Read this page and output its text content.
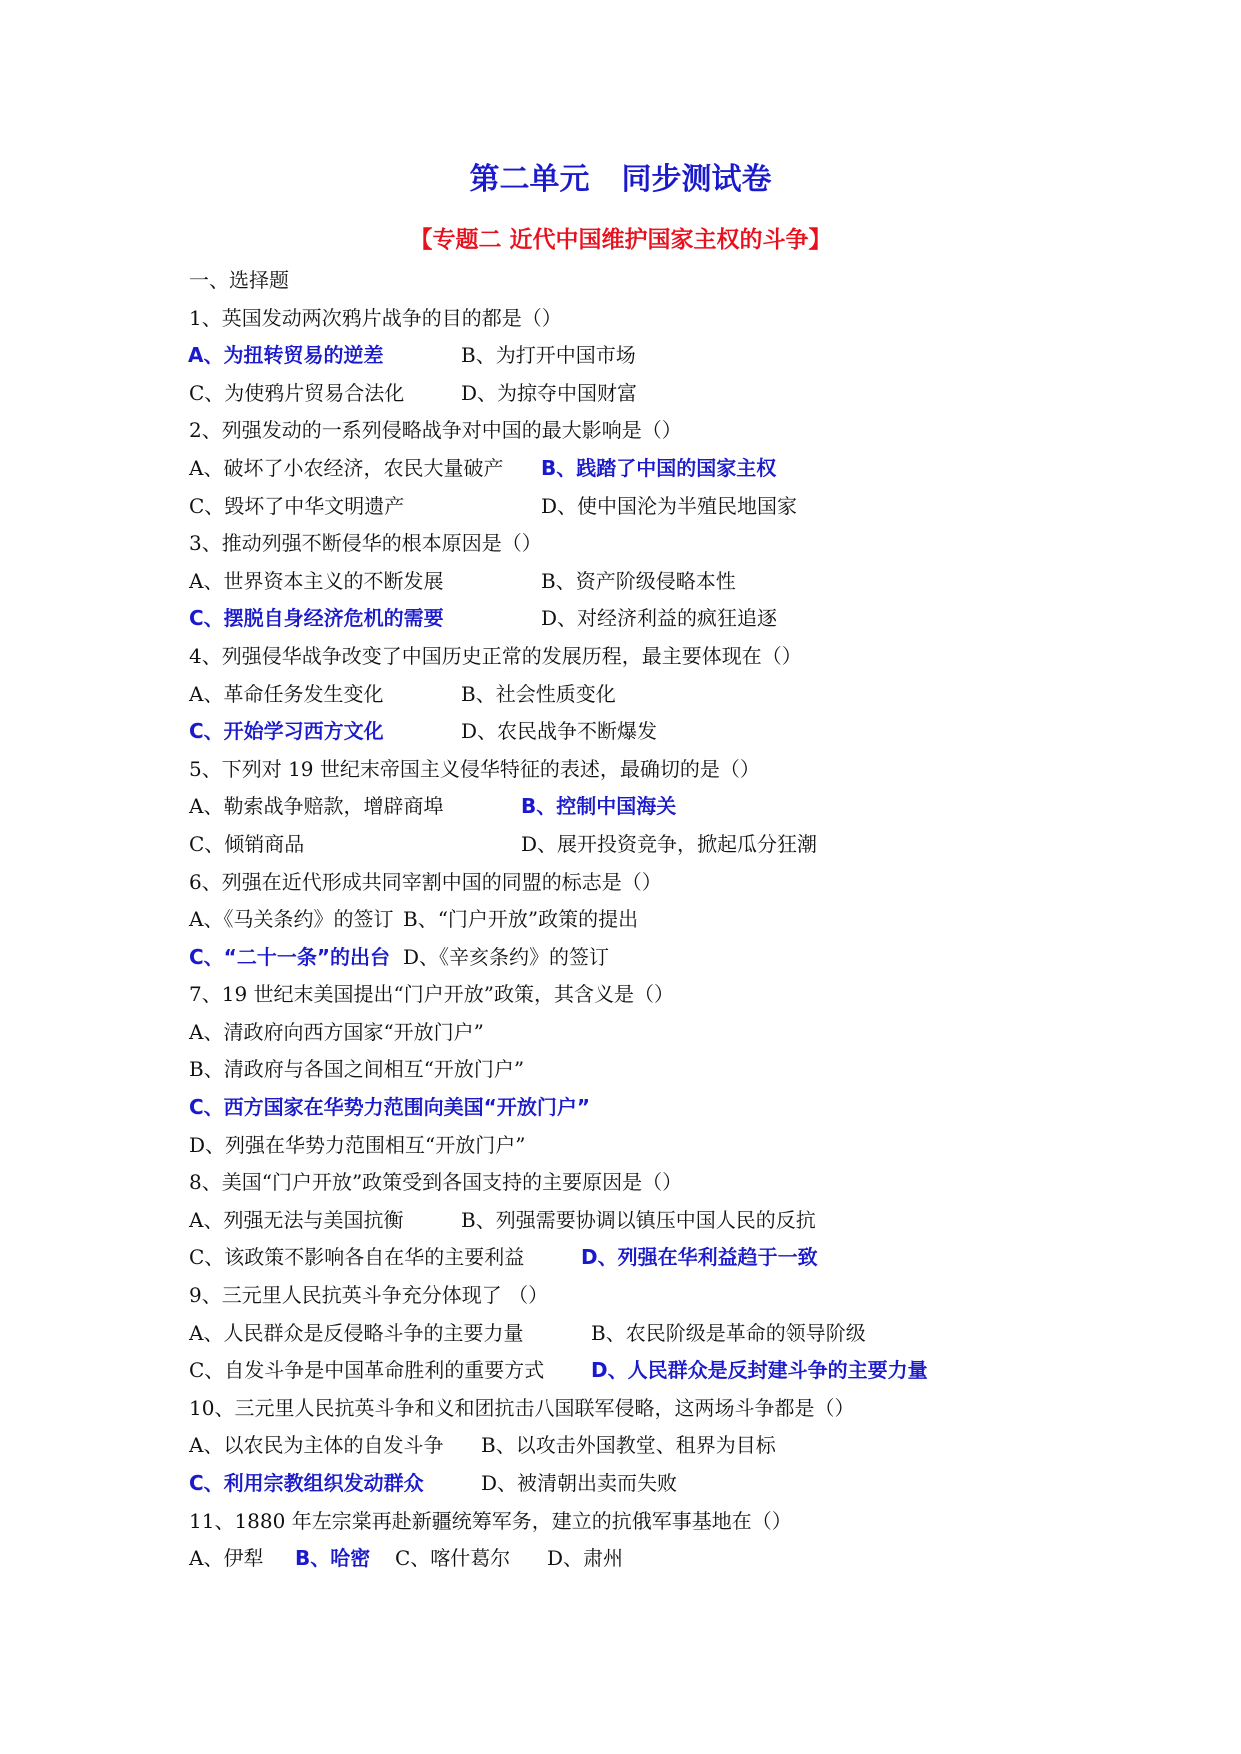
第二单元 同步测试卷
【专题二 近代中国维护国家主权的斗争】
一、选择题
1、英国发动两次鸦片战争的目的都是（）
A、为扭转贸易的逆差	B、为打开中国市场
C、为使鸦片贸易合法化	D、为掠夺中国财富
2、列强发动的一系列侵略战争对中国的最大影响是（）
A、破坏了小农经济，农民大量破产 B、践踏了中国的国家主权
C、毁坏了中华文明遗产	D、使中国沦为半殖民地国家
3、推动列强不断侵华的根本原因是（）
A、世界资本主义的不断发展	B、资产阶级侵略本性
C、摆脱自身经济危机的需要	D、对经济利益的疯狂追逐
4、列强侵华战争改变了中国历史正常的发展历程，最主要体现在（）
A、革命任务发生变化	B、社会性质变化
C、开始学习西方文化	D、农民战争不断爆发
5、下列对 19 世纪末帝国主义侵华特征的表述，最确切的是（）
A、勒索战争赔款，增辟商埠	B、控制中国海关
C、倾销商品	D、展开投资竞争，掀起瓜分狂潮
6、列强在近代形成共同宰割中国的同盟的标志是（）
A、《马关条约》的签订 B、“门户开放”政策的提出
C、“二十一条”的出台 D、《辛亥条约》的签订
7、19 世纪末美国提出“门户开放”政策，其含义是（）
A、清政府向西方国家“开放门户”
B、清政府与各国之间相互“开放门户”
C、西方国家在华势力范围向美国“开放门户”
D、列强在华势力范围相互“开放门户”
8、美国“门户开放”政策受到各国支持的主要原因是（）
A、列强无法与美国抗衡	B、列强需要协调以镇压中国人民的反抗
C、该政策不影响各自在华的主要利益	D、列强在华利益趋于一致
9、三元里人民抗英斗争充分体现了 （）
A、人民群众是反侵略斗争的主要力量	B、农民阶级是革命的领导阶级
C、自发斗争是中国革命胜利的重要方式 D、人民群众是反封建斗争的主要力量
10、三元里人民抗英斗争和义和团抗击八国联军侵略，这两场斗争都是（）
A、以农民为主体的自发斗争 B、以攻击外国教堂、租界为目标
C、利用宗教组织发动群众	D、被清朝出卖而失败
11、1880 年左宗棠再赴新疆统筹军务，建立的抗俄军事基地在（）
A、伊犁 B、哈密 C、喀什葛尔 D、肃州
